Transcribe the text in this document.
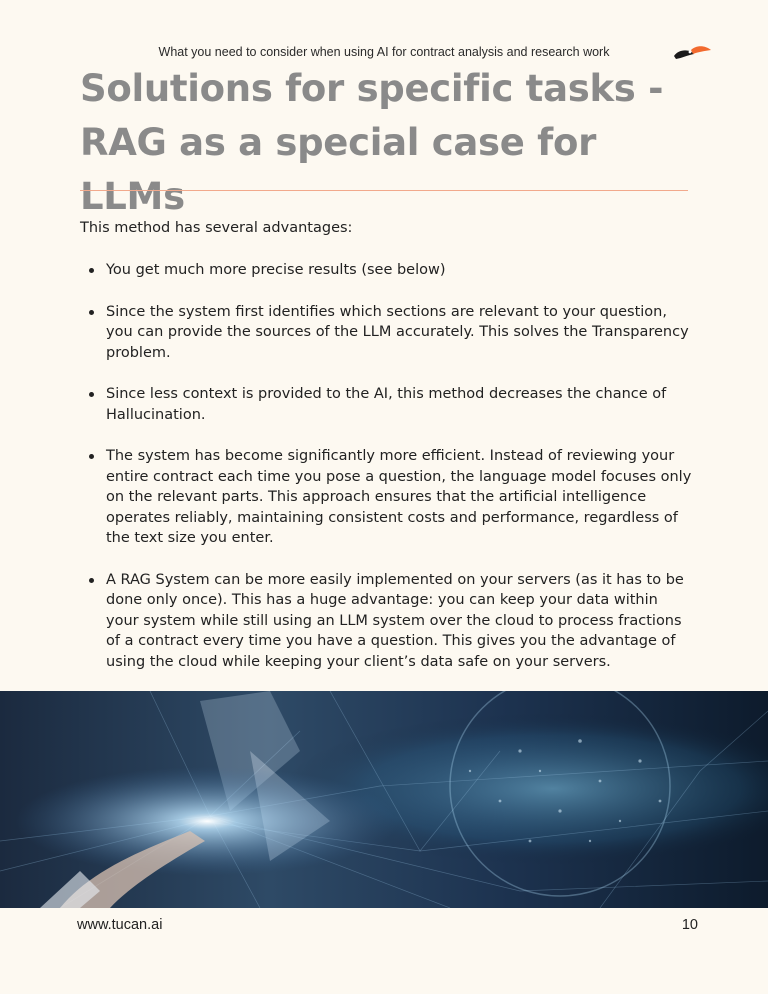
What you need to consider when using AI for contract analysis and research work
Solutions for specific tasks -
RAG as a special case for LLMs

This method has several advantages:

You get much more precise results (see below)
Since the system first identifies which sections are relevant to your question, you can provide the sources of the LLM accurately. This solves the Transparency problem.
Since less context is provided to the AI, this method decreases the chance of Hallucination.
The system has become significantly more efficient. Instead of reviewing your entire contract each time you pose a question, the language model focuses only on the relevant parts. This approach ensures that the artificial intelligence operates reliably, maintaining consistent costs and performance, regardless of the text size you enter.
A RAG System can be more easily implemented on your servers (as it has to be done only once). This has a huge advantage: you can keep your data within your system while still using an LLM system over the cloud to process fractions of a contract every time you have a question. This gives you the advantage of using the cloud while keeping your client’s data safe on your servers.
www.tucan.ai	10
